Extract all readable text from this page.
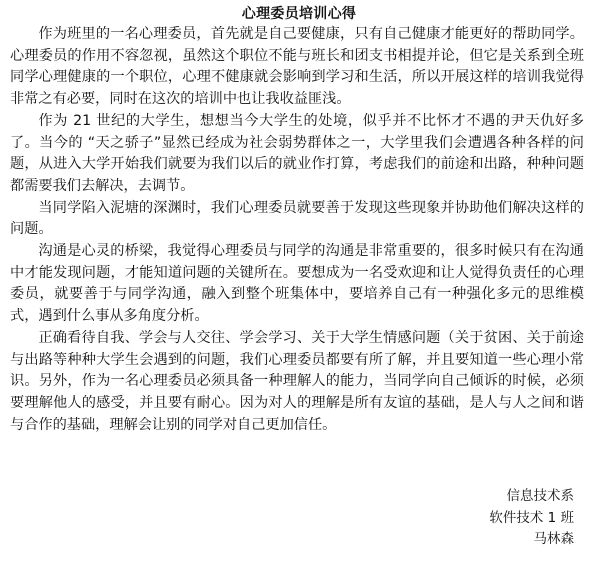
心理委员培训心得

作为班里的一名心理委员，首先就是自己要健康，只有自己健康才能更好的帮助同学。心理委员的作用不容忽视，虽然这个职位不能与班长和团支书相提并论，但它是关系到全班同学心理健康的一个职位，心理不健康就会影响到学习和生活，所以开展这样的培训我觉得非常之有必要，同时在这次的培训中也让我收益匪浅。

作为 21 世纪的大学生，想想当今大学生的处境，似乎并不比怀才不遇的尹天仇好多了。当今的 “天之骄子”显然已经成为社会弱势群体之一，大学里我们会遭遇各种各样的问题，从进入大学开始我们就要为我们以后的就业作打算，考虑我们的前途和出路，种种问题都需要我们去解决，去调节。

当同学陷入泥塘的深渊时，我们心理委员就要善于发现这些现象并协助他们解决这样的问题。

沟通是心灵的桥梁，我觉得心理委员与同学的沟通是非常重要的，很多时候只有在沟通中才能发现问题，才能知道问题的关键所在。要想成为一名受欢迎和让人觉得负责任的心理委员，就要善于与同学沟通，融入到整个班集体中，要培养自己有一种强化多元的思维模式，遇到什么事从多角度分析。

正确看待自我、学会与人交往、学会学习、关于大学生情感问题（关于贫困、关于前途与出路等种种大学生会遇到的问题，我们心理委员都要有所了解，并且要知道一些心理小常识。另外，作为一名心理委员必须具备一种理解人的能力，当同学向自己倾诉的时候，必须要理解他人的感受，并且要有耐心。因为对人的理解是所有友谊的基础，是人与人之间和谐与合作的基础，理解会让别的同学对自己更加信任。

信息技术系
软件技术 1 班
马林森
